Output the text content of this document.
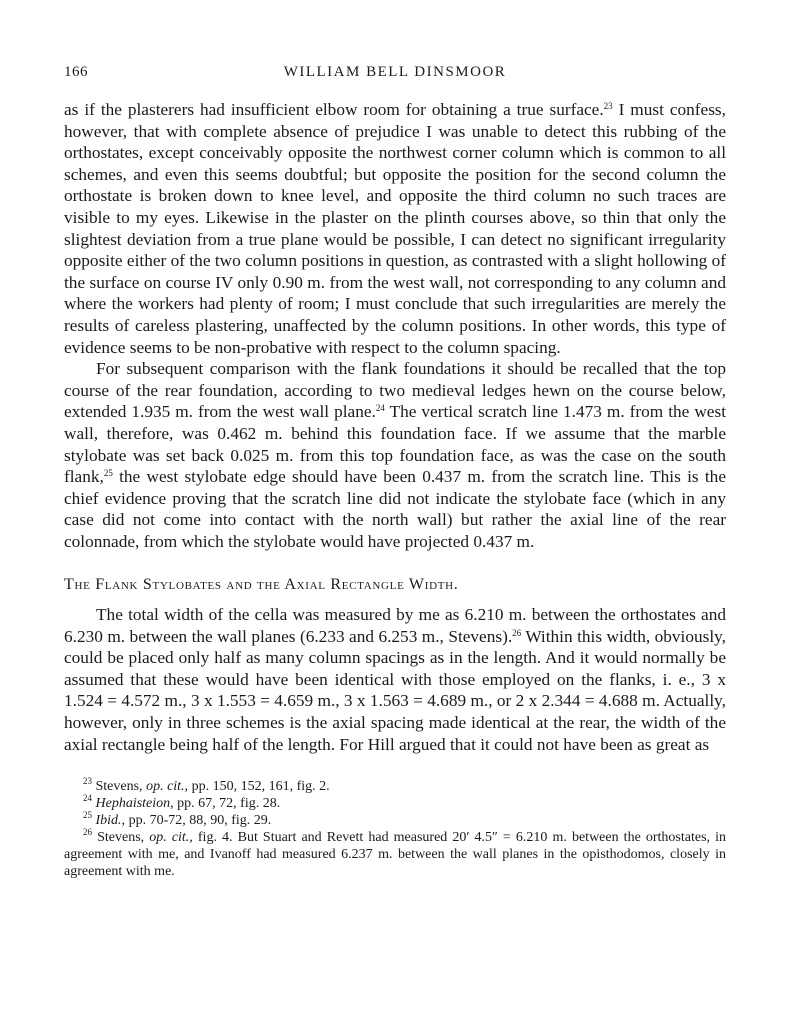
166	WILLIAM BELL DINSMOOR

as if the plasterers had insufficient elbow room for obtaining a true surface.$^{23}$ I must confess, however, that with complete absence of prejudice I was unable to detect this rubbing of the orthostates, except conceivably opposite the northwest corner column which is common to all schemes, and even this seems doubtful; but opposite the position for the second column the orthostate is broken down to knee level, and opposite the third column no such traces are visible to my eyes. Likewise in the plaster on the plinth courses above, so thin that only the slightest deviation from a true plane would be possible, I can detect no significant irregularity opposite either of the two column positions in question, as contrasted with a slight hollowing of the surface on course IV only 0.90 m. from the west wall, not corresponding to any column and where the workers had plenty of room; I must conclude that such irregularities are merely the results of careless plastering, unaffected by the column positions. In other words, this type of evidence seems to be non-probative with respect to the column spacing.

For subsequent comparison with the flank foundations it should be recalled that the top course of the rear foundation, according to two medieval ledges hewn on the course below, extended 1.935 m. from the west wall plane.$^{24}$ The vertical scratch line 1.473 m. from the west wall, therefore, was 0.462 m. behind this foundation face. If we assume that the marble stylobate was set back 0.025 m. from this top foundation face, as was the case on the south flank,$^{25}$ the west stylobate edge should have been 0.437 m. from the scratch line. This is the chief evidence proving that the scratch line did not indicate the stylobate face (which in any case did not come into contact with the north wall) but rather the axial line of the rear colonnade, from which the stylobate would have projected 0.437 m.

The Flank Stylobates and the Axial Rectangle Width.

The total width of the cella was measured by me as 6.210 m. between the orthostates and 6.230 m. between the wall planes (6.233 and 6.253 m., Stevens).$^{26}$ Within this width, obviously, could be placed only half as many column spacings as in the length. And it would normally be assumed that these would have been identical with those employed on the flanks, i. e., 3 x 1.524 = 4.572 m., 3 x 1.553 = 4.659 m., 3 x 1.563 = 4.689 m., or 2 x 2.344 = 4.688 m. Actually, however, only in three schemes is the axial spacing made identical at the rear, the width of the axial rectangle being half of the length. For Hill argued that it could not have been as great as

$^{23}$ Stevens, op. cit., pp. 150, 152, 161, fig. 2.
$^{24}$ Hephaisteion, pp. 67, 72, fig. 28.
$^{25}$ Ibid., pp. 70-72, 88, 90, fig. 29.
$^{26}$ Stevens, op. cit., fig. 4. But Stuart and Revett had measured 20′ 4.5″ = 6.210 m. between the orthostates, in agreement with me, and Ivanoff had measured 6.237 m. between the wall planes in the opisthodomos, closely in agreement with me.
